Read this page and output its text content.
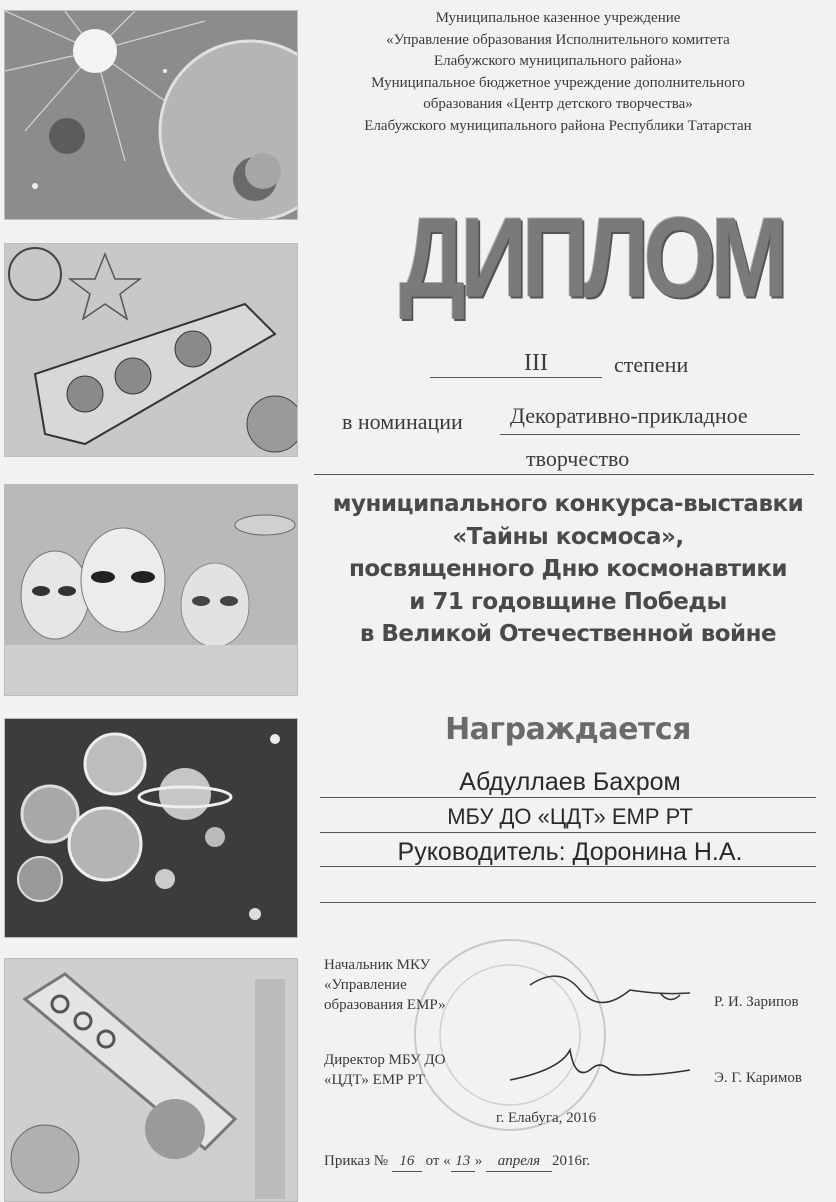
Муниципальное казенное учреждение
«Управление образования Исполнительного комитета
Елабужского муниципального района»
Муниципальное бюджетное учреждение дополнительного
образования «Центр детского творчества»
Елабужского муниципального района Республики Татарстан
ДИПЛОМ
III	степени
в номинации Декоративно-прикладное
творчество
муниципального конкурса-выставки
«Тайны космоса»,
посвященного Дню космонавтики
и 71 годовщине Победы
в Великой Отечественной войне
Награждается
Абдуллаев Бахром
МБУ ДО «ЦДТ» ЕМР РТ
Руководитель: Доронина Н.А.
Начальник МКУ
«Управление
образования ЕМР»	Р. И. Зарипов
Директор МБУ ДО
«ЦДТ» ЕМР РТ	Э. Г. Каримов
г. Елабуга, 2016
Приказ № 16 от « 13 » апреля 2016г.
